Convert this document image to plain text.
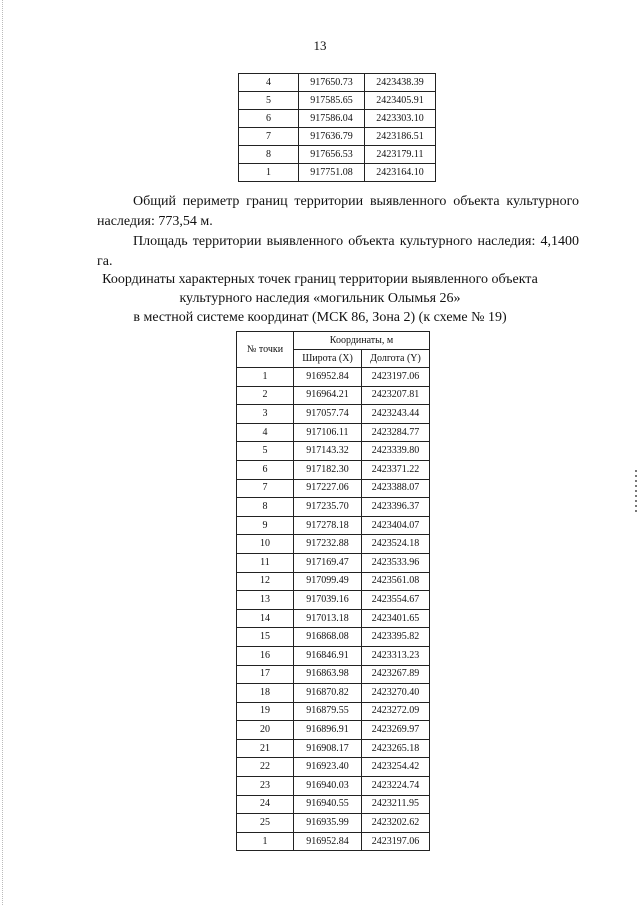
13
4	917650.73	2423438.39
5	917585.65	2423405.91
6	917586.04	2423303.10
7	917636.79	2423186.51
8	917656.53	2423179.11
1	917751.08	2423164.10
Общий периметр границ территории выявленного объекта культурного наследия: 773,54 м.
Площадь территории выявленного объекта культурного наследия: 4,1400 га.
Координаты характерных точек границ территории выявленного объекта
культурного наследия «могильник Олымья 26»
в местной системе координат (МСК 86, Зона 2) (к схеме № 19)
№ точки	Координаты, м	
	Широта (X)	Долгота (Y)
1	916952.84	2423197.06
2	916964.21	2423207.81
3	917057.74	2423243.44
4	917106.11	2423284.77
5	917143.32	2423339.80
6	917182.30	2423371.22
7	917227.06	2423388.07
8	917235.70	2423396.37
9	917278.18	2423404.07
10	917232.88	2423524.18
11	917169.47	2423533.96
12	917099.49	2423561.08
13	917039.16	2423554.67
14	917013.18	2423401.65
15	916868.08	2423395.82
16	916846.91	2423313.23
17	916863.98	2423267.89
18	916870.82	2423270.40
19	916879.55	2423272.09
20	916896.91	2423269.97
21	916908.17	2423265.18
22	916923.40	2423254.42
23	916940.03	2423224.74
24	916940.55	2423211.95
25	916935.99	2423202.62
1	916952.84	2423197.06
